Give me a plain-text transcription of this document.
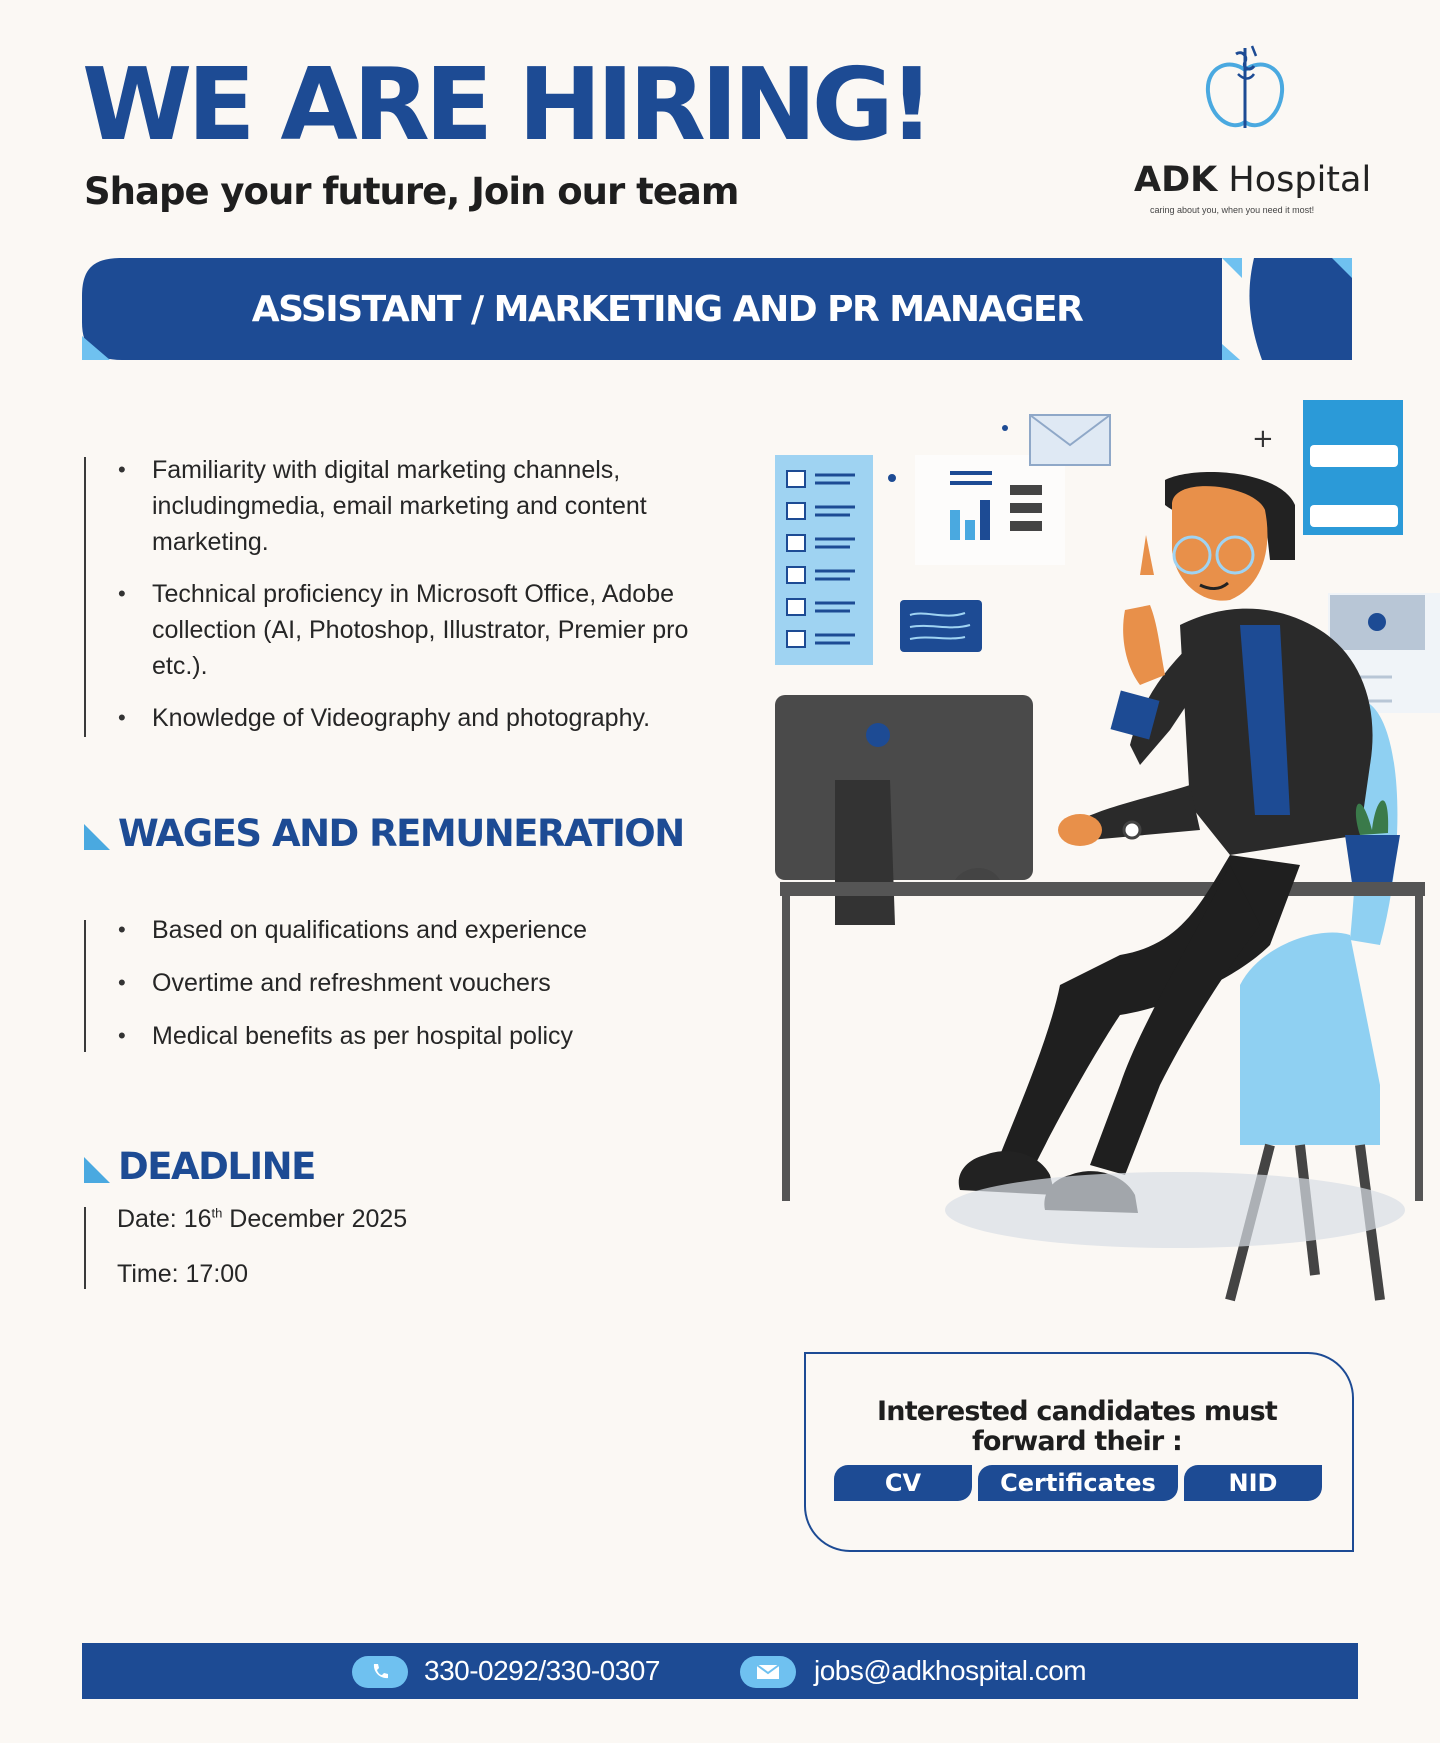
WE ARE HIRING!

Shape your future, Join our team	ADK Hospital
caring about you, when you need it most!
ASSISTANT / MARKETING AND PR MANAGER
• Familiarity with digital marketing channels, includingmedia, email marketing and content marketing.
• Technical proficiency in Microsoft Office, Adobe collection (AI, Photoshop, Illustrator, Premier pro etc.).
• Knowledge of Videography and photography.
WAGES AND REMUNERATION
• Based on qualifications and experience
• Overtime and refreshment vouchers
• Medical benefits as per hospital policy
DEADLINE
Date: 16th December 2025
Time: 17:00
+
Interested candidates must
forward their :
CV	Certificates	NID
330-0292/330-0307	jobs@adkhospital.com
